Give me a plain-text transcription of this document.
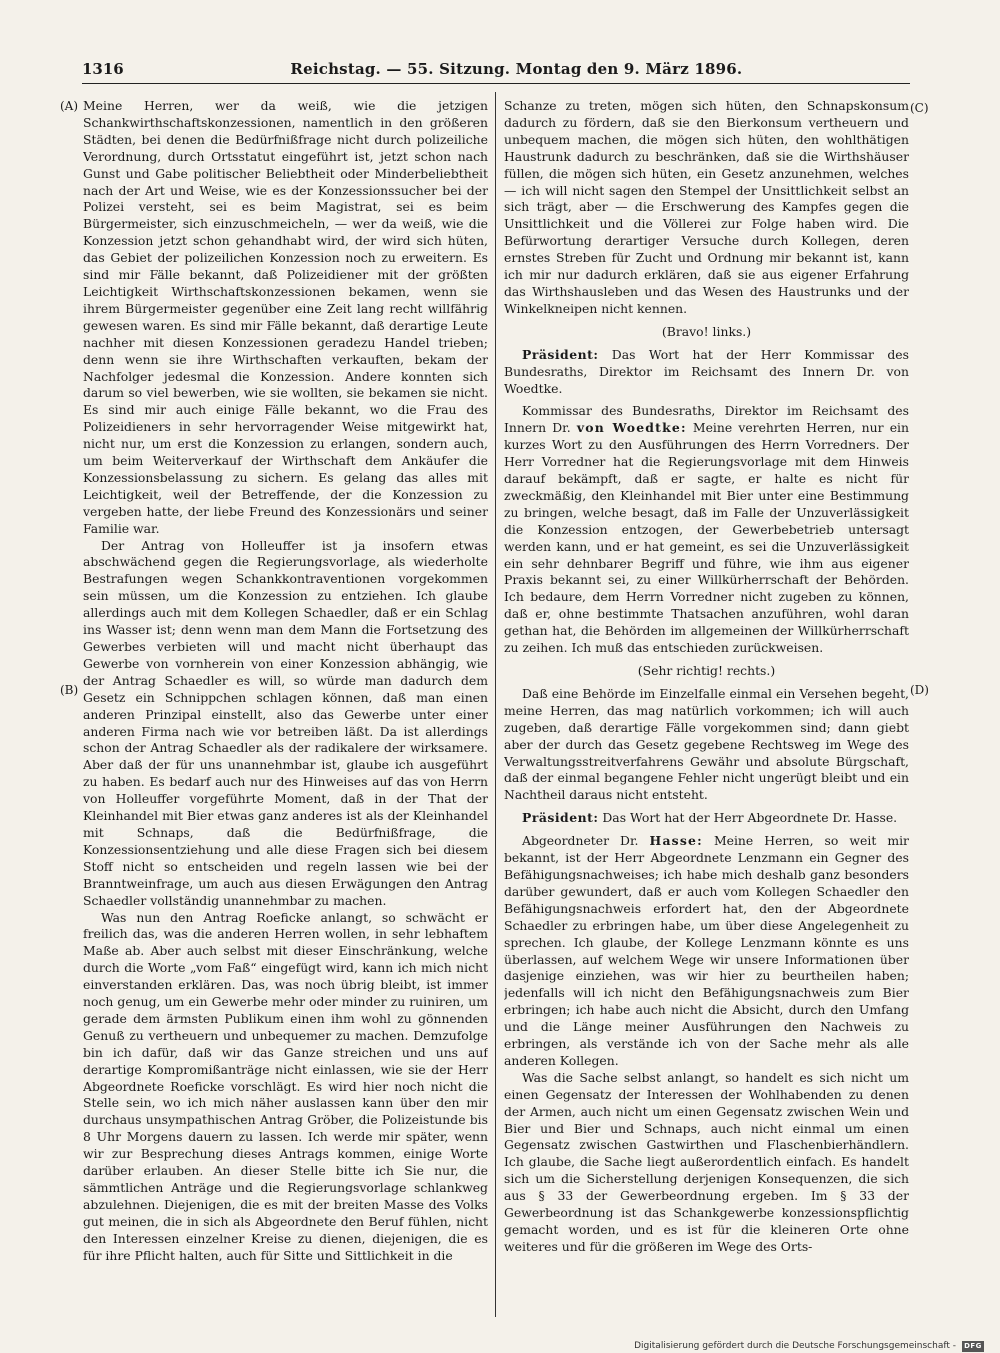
1316	Reichstag. — 55. Sitzung. Montag den 9. März 1896.
(A)
(B)
(C)
(D)

Meine Herren, wer da weiß, wie die jetzigen Schankwirthschaftskonzessionen, namentlich in den größeren Städten, bei denen die Bedürfnißfrage nicht durch polizeiliche Verordnung, durch Ortsstatut eingeführt ist, jetzt schon nach Gunst und Gabe politischer Beliebtheit oder Minderbeliebtheit nach der Art und Weise, wie es der Konzessionssucher bei der Polizei versteht, sei es beim Magistrat, sei es beim Bürgermeister, sich einzuschmeicheln, — wer da weiß, wie die Konzession jetzt schon gehandhabt wird, der wird sich hüten, das Gebiet der polizeilichen Konzession noch zu erweitern. Es sind mir Fälle bekannt, daß Polizeidiener mit der größten Leichtigkeit Wirthschaftskonzessionen bekamen, wenn sie ihrem Bürgermeister gegenüber eine Zeit lang recht willfährig gewesen waren. Es sind mir Fälle bekannt, daß derartige Leute nachher mit diesen Konzessionen geradezu Handel trieben; denn wenn sie ihre Wirthschaften verkauften, bekam der Nachfolger jedesmal die Konzession. Andere konnten sich darum so viel bewerben, wie sie wollten, sie bekamen sie nicht. Es sind mir auch einige Fälle bekannt, wo die Frau des Polizeidieners in sehr hervorragender Weise mitgewirkt hat, nicht nur, um erst die Konzession zu erlangen, sondern auch, um beim Weiterverkauf der Wirthschaft dem Ankäufer die Konzessionsbelassung zu sichern. Es gelang das alles mit Leichtigkeit, weil der Betreffende, der die Konzession zu vergeben hatte, der liebe Freund des Konzessionärs und seiner Familie war.

Der Antrag von Holleuffer ist ja insofern etwas abschwächend gegen die Regierungsvorlage, als wiederholte Bestrafungen wegen Schankkontraventionen vorgekommen sein müssen, um die Konzession zu entziehen. Ich glaube allerdings auch mit dem Kollegen Schaedler, daß er ein Schlag ins Wasser ist; denn wenn man dem Mann die Fortsetzung des Gewerbes verbieten will und macht nicht überhaupt das Gewerbe von vornherein von einer Konzession abhängig, wie der Antrag Schaedler es will, so würde man dadurch dem Gesetz ein Schnippchen schlagen können, daß man einen anderen Prinzipal einstellt, also das Gewerbe unter einer anderen Firma nach wie vor betreiben läßt. Da ist allerdings schon der Antrag Schaedler als der radikalere der wirksamere. Aber daß der für uns unannehmbar ist, glaube ich ausgeführt zu haben. Es bedarf auch nur des Hinweises auf das von Herrn von Holleuffer vorgeführte Moment, daß in der That der Kleinhandel mit Bier etwas ganz anderes ist als der Kleinhandel mit Schnaps, daß die Bedürfnißfrage, die Konzessionsentziehung und alle diese Fragen sich bei diesem Stoff nicht so entscheiden und regeln lassen wie bei der Branntweinfrage, um auch aus diesen Erwägungen den Antrag Schaedler vollständig unannehmbar zu machen.

Was nun den Antrag Roeficke anlangt, so schwächt er freilich das, was die anderen Herren wollen, in sehr lebhaftem Maße ab. Aber auch selbst mit dieser Einschränkung, welche durch die Worte „vom Faß“ eingefügt wird, kann ich mich nicht einverstanden erklären. Das, was noch übrig bleibt, ist immer noch genug, um ein Gewerbe mehr oder minder zu ruiniren, um gerade dem ärmsten Publikum einen ihm wohl zu gönnenden Genuß zu vertheuern und unbequemer zu machen. Demzufolge bin ich dafür, daß wir das Ganze streichen und uns auf derartige Kompromißanträge nicht einlassen, wie sie der Herr Abgeordnete Roeficke vorschlägt. Es wird hier noch nicht die Stelle sein, wo ich mich näher auslassen kann über den mir durchaus unsympathischen Antrag Gröber, die Polizeistunde bis 8 Uhr Morgens dauern zu lassen. Ich werde mir später, wenn wir zur Besprechung dieses Antrags kommen, einige Worte darüber erlauben. An dieser Stelle bitte ich Sie nur, die sämmtlichen Anträge und die Regierungsvorlage schlankweg abzulehnen. Diejenigen, die es mit der breiten Masse des Volks gut meinen, die in sich als Abgeordnete den Beruf fühlen, nicht den Interessen einzelner Kreise zu dienen, diejenigen, die es für ihre Pflicht halten, auch für Sitte und Sittlichkeit in die

Schanze zu treten, mögen sich hüten, den Schnapskonsum dadurch zu fördern, daß sie den Bierkonsum vertheuern und unbequem machen, die mögen sich hüten, den wohlthätigen Haustrunk dadurch zu beschränken, daß sie die Wirthshäuser füllen, die mögen sich hüten, ein Gesetz anzunehmen, welches — ich will nicht sagen den Stempel der Unsittlichkeit selbst an sich trägt, aber — die Erschwerung des Kampfes gegen die Unsittlichkeit und die Völlerei zur Folge haben wird. Die Befürwortung derartiger Versuche durch Kollegen, deren ernstes Streben für Zucht und Ordnung mir bekannt ist, kann ich mir nur dadurch erklären, daß sie aus eigener Erfahrung das Wirthshausleben und das Wesen des Haustrunks und der Winkelkneipen nicht kennen.

(Bravo! links.)

Präsident: Das Wort hat der Herr Kommissar des Bundesraths, Direktor im Reichsamt des Innern Dr. von Woedtke.

Kommissar des Bundesraths, Direktor im Reichsamt des Innern Dr. von Woedtke: Meine verehrten Herren, nur ein kurzes Wort zu den Ausführungen des Herrn Vorredners. Der Herr Vorredner hat die Regierungsvorlage mit dem Hinweis darauf bekämpft, daß er sagte, er halte es nicht für zweckmäßig, den Kleinhandel mit Bier unter eine Bestimmung zu bringen, welche besagt, daß im Falle der Unzuverlässigkeit die Konzession entzogen, der Gewerbebetrieb untersagt werden kann, und er hat gemeint, es sei die Unzuverlässigkeit ein sehr dehnbarer Begriff und führe, wie ihm aus eigener Praxis bekannt sei, zu einer Willkürherrschaft der Behörden. Ich bedaure, dem Herrn Vorredner nicht zugeben zu können, daß er, ohne bestimmte Thatsachen anzuführen, wohl daran gethan hat, die Behörden im allgemeinen der Willkürherrschaft zu zeihen. Ich muß das entschieden zurückweisen.

(Sehr richtig! rechts.)

Daß eine Behörde im Einzelfalle einmal ein Versehen begeht, meine Herren, das mag natürlich vorkommen; ich will auch zugeben, daß derartige Fälle vorgekommen sind; dann giebt aber der durch das Gesetz gegebene Rechtsweg im Wege des Verwaltungsstreitverfahrens Gewähr und absolute Bürgschaft, daß der einmal begangene Fehler nicht ungerügt bleibt und ein Nachtheil daraus nicht entsteht.

Präsident: Das Wort hat der Herr Abgeordnete Dr. Hasse.

Abgeordneter Dr. Hasse: Meine Herren, so weit mir bekannt, ist der Herr Abgeordnete Lenzmann ein Gegner des Befähigungsnachweises; ich habe mich deshalb ganz besonders darüber gewundert, daß er auch vom Kollegen Schaedler den Befähigungsnachweis erfordert hat, den der Abgeordnete Schaedler zu erbringen habe, um über diese Angelegenheit zu sprechen. Ich glaube, der Kollege Lenzmann könnte es uns überlassen, auf welchem Wege wir unsere Informationen über dasjenige einziehen, was wir hier zu beurtheilen haben; jedenfalls will ich nicht den Befähigungsnachweis zum Bier erbringen; ich habe auch nicht die Absicht, durch den Umfang und die Länge meiner Ausführungen den Nachweis zu erbringen, als verstände ich von der Sache mehr als alle anderen Kollegen.

Was die Sache selbst anlangt, so handelt es sich nicht um einen Gegensatz der Interessen der Wohlhabenden zu denen der Armen, auch nicht um einen Gegensatz zwischen Wein und Bier und Bier und Schnaps, auch nicht einmal um einen Gegensatz zwischen Gastwirthen und Flaschenbierhändlern. Ich glaube, die Sache liegt außerordentlich einfach. Es handelt sich um die Sicherstellung derjenigen Konsequenzen, die sich aus § 33 der Gewerbeordnung ergeben. Im § 33 der Gewerbeordnung ist das Schankgewerbe konzessionspflichtig gemacht worden, und es ist für die kleineren Orte ohne weiteres und für die größeren im Wege des Orts-

Digitalisierung gefördert durch die Deutsche Forschungsgemeinschaft - DFG
